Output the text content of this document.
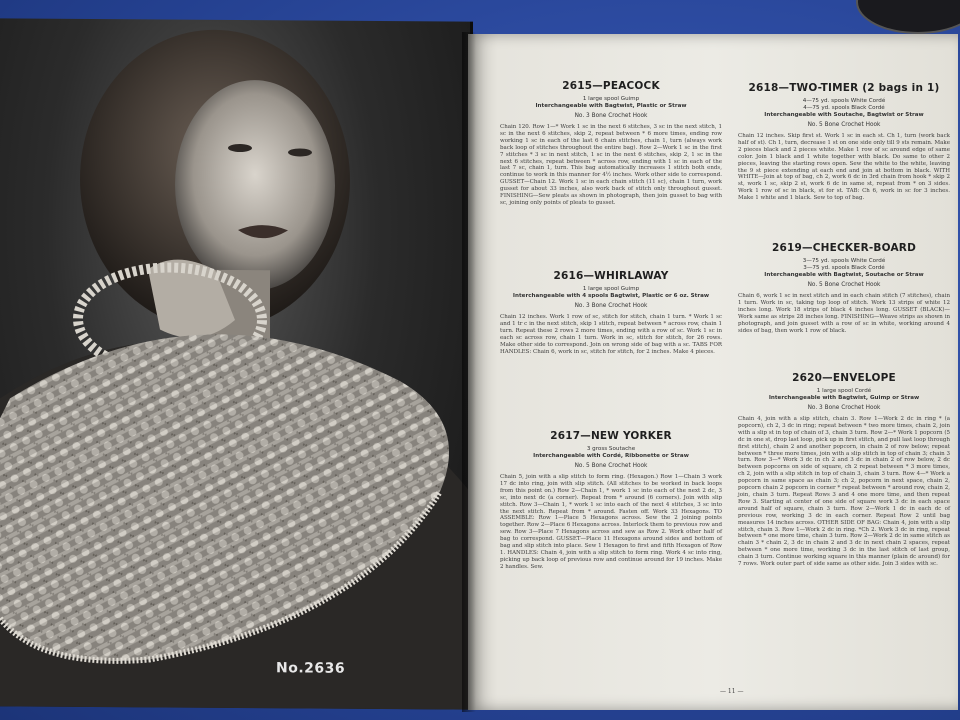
No.2636

2615—PEACOCK

1 large spool Guimp

Interchangeable with Bagtwist, Plastic or Straw

No. 3 Bone Crochet Hook

Chain 120. Row 1—* Work 1 sc in the next 6 stitches, 3 sc in the next stitch, 1 sc in the next 6 stitches, skip 2, repeat between * 6 more times, ending row working 1 sc in each of the last 6 chain stitches, chain 1, turn (always work back loop of stitches throughout the entire bag). Row 2—Work 1 sc in the first 7 stitches * 3 sc in next stitch, 1 sc in the next 6 stitches, skip 2, 1 sc in the next 6 stitches, repeat between * across row, ending with 1 sc in each of the last 7 sc, chain 1, turn. This bag automatically increases 1 stitch both ends, continue to work in this manner for 4½ inches. Work other side to correspond. GUSSET—Chain 12. Work 1 sc in each chain stitch (11 sc), chain 1 turn, work gusset for about 33 inches, also work back of stitch only throughout gusset. FINISHING—Sew pleats as shown in photograph, then join gusset to bag with sc, joining only points of pleats to gusset.

2616—WHIRLAWAY

1 large spool Guimp

Interchangeable with 4 spools Bagtwist, Plastic or 6 oz. Straw

No. 3 Bone Crochet Hook

Chain 12 inches. Work 1 row of sc, stitch for stitch, chain 1 turn. * Work 1 sc and 1 tr c in the next stitch, skip 1 stitch, repeat between * across row, chain 1 turn. Repeat these 2 rows 2 more times, ending with a row of sc. Work 1 sc in each sc across row, chain 1 turn. Work in sc, stitch for stitch, for 26 rows. Make other side to correspond. Join on wrong side of bag with a sc. TABS FOR HANDLES: Chain 6, work in sc, stitch for stitch, for 2 inches. Make 4 pieces.

2617—NEW YORKER

3 gross Soutache

Interchangeable with Cordé, Ribbonette or Straw

No. 5 Bone Crochet Hook

Chain 5, join with a slip stitch to form ring. (Hexagon.) Row 1—Chain 3 work 17 dc into ring, join with slip stitch. (All stitches to be worked in back loops from this point on.) Row 2—Chain 1, * work 1 sc into each of the next 2 dc, 3 sc, into next dc (a corner). Repeat from * around (6 corners). Join with slip stitch. Row 3—Chain 1, * work 1 sc into each of the next 4 stitches, 3 sc into the next stitch. Repeat from * around. Fasten off. Work 33 Hexagons. TO ASSEMBLE: Row 1—Place 5 Hexagons across. Sew the 2 joining points together. Row 2—Place 6 Hexagons across. Interlock them to previous row and sew. Row 3—Place 7 Hexagons across and sew as Row 2. Work other half of bag to correspond. GUSSET—Place 11 Hexagons around sides and bottom of bag and slip stitch into place. Sew 1 Hexagon to first and fifth Hexagon of Row 1. HANDLES: Chain 4, join with a slip stitch to form ring. Work 4 sc into ring, picking up back loop of previous row and continue around for 19 inches. Make 2 handles. Sew.

2618—TWO-TIMER (2 bags in 1)

4—75 yd. spools White Cordé
4—75 yd. spools Black Cordé

Interchangeable with Soutache, Bagtwist or Straw

No. 5 Bone Crochet Hook

Chain 12 inches. Skip first st. Work 1 sc in each st. Ch 1, turn (work back half of st). Ch 1, turn, decrease 1 st on one side only till 9 sts remain. Make 2 pieces black and 2 pieces white. Make 1 row of sc around edge of same color. Join 1 black and 1 white together with black. Do same to other 2 pieces, leaving the starting rows open. Sew the white to the white, leaving the 9 st piece extending at each end and join at bottom in black. WITH WHITE—Join at top of bag, ch 2, work 6 dc in 3rd chain from hook * skip 2 st, work 1 sc, skip 2 st, work 6 dc in same st, repeat from * on 3 sides. Work 1 row of sc in black, st for st. TAB: Ch 6, work in sc for 3 inches. Make 1 white and 1 black. Sew to top of bag.

2619—CHECKER-BOARD

3—75 yd. spools White Cordé
3—75 yd. spools Black Cordé

Interchangeable with Bagtwist, Soutache or Straw

No. 5 Bone Crochet Hook

Chain 6, work 1 sc in next stitch and in each chain stitch (7 stitches), chain 1 turn. Work in sc, taking top loop of stitch. Work 13 strips of white 12 inches long. Work 18 strips of black 4 inches long. GUSSET (BLACK)—Work same as strips 28 inches long. FINISHING—Weave strips as shown in photograph, and join gusset with a row of sc in white, working around 4 sides of bag, then work 1 row of black.

2620—ENVELOPE

1 large spool Cordé

Interchangeable with Bagtwist, Guimp or Straw

No. 3 Bone Crochet Hook

Chain 4, join with a slip stitch, chain 3. Row 1—Work 2 dc in ring * (a popcorn), ch 2, 3 dc in ring; repeat between * two more times, chain 2, join with a slip st in top of chain of 3, chain 3 turn. Row 2—* Work 1 popcorn (5 dc in one st, drop last loop, pick up in first stitch, and pull last loop through first stitch), chain 2 and another popcorn, in chain 2 of row below; repeat between * three more times, join with a slip stitch in top of chain 3; chain 3 turn. Row 3—* Work 3 dc in ch 2 and 3 dc in chain 2 of row below, 2 dc between popcorns on side of square, ch 2 repeat between * 3 more times, ch 2, join with a slip stitch in top of chain 3, chain 3 turn. Row 4—* Work a popcorn in same space as chain 3; ch 2, popcorn in next space, chain 2, popcorn chain 2 popcorn in corner * repeat between * around row, chain 2, join, chain 3 turn. Repeat Rows 3 and 4 one more time, and then repeat Row 3. Starting at center of one side of square work 3 dc in each space around half of square, chain 3 turn. Row 2—Work 1 dc in each dc of previous row, working 3 dc in each corner. Repeat Row 2 until bag measures 14 inches across. OTHER SIDE OF BAG: Chain 4, join with a slip stitch, chain 3. Row 1—Work 2 dc in ring. *Ch 2. Work 3 dc in ring, repeat between * one more time, chain 3 turn. Row 2—Work 2 dc in same stitch as chain 3 * chain 2, 3 dc in chain 2 and 3 dc in next chain 2 spaces, repeat between * one more time, working 3 dc in the last stitch of last group, chain 3 turn. Continue working square in this manner (plain dc around) for 7 rows. Work outer part of side same as other side. Join 3 sides with sc.

— 11 —
